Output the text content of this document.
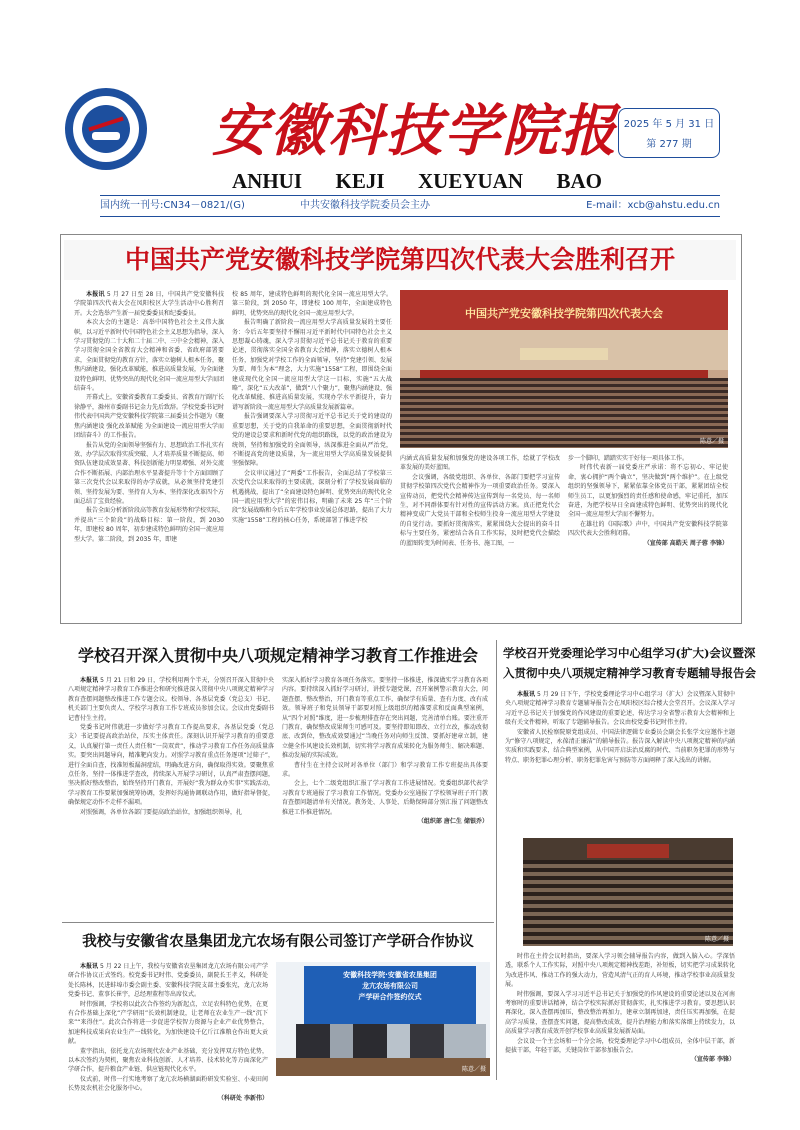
1950
安徽科技学院报
ANHUI KEJI XUEYUAN BAO
2025 年 5 月 31 日
第 277 期
国内统一刊号:CN34－0821/(G)	中共安徽科技学院委员会主办	E-mail：xcb@ahstu.edu.cn
中国共产党安徽科技学院第四次代表大会胜利召开

本报讯 5 月 27 日至 28 日，中国共产党安徽科技学院第四次代表大会在凤阳校区大学生活动中心胜利召开。大会选举产生新一届党委委员和纪委委员。

本次大会的主题是：高举中国特色社会主义伟大旗帜，以习近平新时代中国特色社会主义思想为指导，深入学习贯彻党的二十大和二十届二中、三中全会精神，深入学习贯彻全国全省教育大会精神和省委、省政府部署要求，全面贯彻党的教育方针，落实立德树人根本任务，聚焦内涵建设，强化改革赋能，推进高质量发展，为全面建设特色鲜明、优势突出的现代化全国一流应用型大学而团结奋斗。

开幕式上，安徽省委教育工委委员、省教育厅副厅长徐静平，滁州市委副书记金力先后致辞。学校党委书记时伟代表中国共产党安徽科技学院第三届委员会作题为《聚焦内涵建设 强化改革赋能 为全面建设一流应用型大学而团结奋斗》的工作报告。

报告从党的全面领导坚强有力、思想政治工作扎实有效、办学层次取得实质突破、人才培养质量不断提高、师资队伍建设成效显著、科技创新能力明显增强、对外交流合作不断拓展、内部治理水平显著提升等十个方面回顾了第三次党代会以来取得的办学成就，从必须坚持党建引领、坚持发展为要、坚持育人为本、坚持深化改革四个方面总结了宝贵经验。

报告全面分析新阶段高等教育发展形势和学校实际，并提出“三个阶段”的战略目标：第一阶段，到 2030 年，即建校 80 周年，初步建成特色鲜明的全国一流应用型大学。第二阶段，到 2035 年，即建

校 85 周年，建成特色鲜明的现代化全国一流应用型大学。第三阶段，到 2050 年，即建校 100 周年，全面建成特色鲜明、优势突出的现代化全国一流应用型大学。

报告明确了新阶段一流应用型大学高质量发展的主要任务：今后五年要坚持不懈用习近平新时代中国特色社会主义思想凝心铸魂，深入学习贯彻习近平总书记关于教育的重要论述，贯彻落实全国全省教育大会精神，落实立德树人根本任务，加强党对学校工作的全面领导，坚持“党建引领、发展为要、师生为本”理念，大力实施“1558”工程，即围绕全面建成现代化全国一流应用型大学这一目标，实施“五大战略”，深化“五大改革”，做到“八个聚力”，聚焦内涵建设、强化改革赋能、推进高质量发展，实现办学水平新提升，奋力谱写新阶段一流应用型大学高质量发展新篇章。

报告强调要深入学习贯彻习近平总书记关于党的建设的重要思想，关于党的自我革命的重要思想，全面贯彻新时代党的建设总要求和新时代党的组织路线，以党的政治建设为统领，坚持和加强党的全面领导，纵深推进全面从严治党，不断提高党的建设质量，为一流应用型大学高质量发展提供坚强保障。

会议审议通过了“两委”工作报告，全面总结了学校第三次党代会以来取得的主要成就，深刻分析了学校发展面临的机遇挑战，提出了“全面建设特色鲜明、优势突出的现代化全国一流应用型大学”的宏伟目标，明确了未来 25 年“三个阶段”发展战略和今后五年学校事业发展总体思路，提出了大力实施“1558”工程的核心任务，系统部署了推进学校

中国共产党安徽科技学院第四次代表大会
陈意／摄

内涵式高质量发展和加强党的建设各项工作，绘就了学校改革发展的美好蓝图。

会议强调，各级党组织、各单位、各部门要把学习宣传贯彻学校第四次党代会精神作为一项重要政治任务。要深入宣传动员，把党代会精神传达宣传到每一名党员、每一名师生，对不同群体要有针对性的宣传活动方案。真正把党代会精神变成广大党员干部和全校师生投身一流应用型大学建设的自觉行动。要抓好贯彻落实，紧紧围绕大会提出的奋斗目标与主要任务，紧密结合各自工作实际，及时把党代会描绘的蓝图转变为时间表、任务书、施工图，一

步一个脚印，踏踏实实干好每一项具体工作。

时伟代表新一届党委庄严承诺：将不忘初心、牢记使命，衷心拥护“两个确立”，坚决做到“两个维护”。在上级党组织的坚强领导下，紧紧依靠全体党员干部，紧紧团结全校师生员工，以更加强烈的责任感和使命感，牢记重托，加压奋进，为把学校早日全面建成特色鲜明、优势突出的现代化全国一流应用型大学而不懈努力。

在雄壮的《国际歌》声中，中国共产党安徽科技学院第四次代表大会胜利闭幕。

（宣传部 高皓天 周子蓉 李锋）
学校召开深入贯彻中央八项规定精神学习教育工作推进会

本报讯 5 月 21 日和 29 日，学校利用两个半天，分别召开深入贯彻中央八项规定精神学习教育工作推进会和研究推进深入贯彻中央八项规定精神学习教育查摆问题整改推进工作专题会议。校领导、各基层党委（党总支）书记、机关部门主要负责人、学校学习教育工作专班成员参加会议。会议由党委副书记曹付生主持。

党委书记时伟就进一步做好学习教育工作提出要求，各基层党委（党总支）书记要提高政治站位，压实主体责任。深刻认识开展学习教育的重要意义，认真履行第一责任人责任和“一岗双责”，推动学习教育工作任务高质量落实。要突出问题导向，精准靶向发力。对照学习教育重点任务逐项“过筛子”，进行全面自查，找准短板漏洞症结，明确改进方向，确保取得实效。要聚焦重点任务，坚持一体推进学查改，持续深入开展学习研讨，认真严肃查摆问题，坚决抓好整改整治，始终坚持开门教育，开展好“我为群众办实事”实践活动，学习教育工作要紧加强统筹协调，发挥好沟通协调联动作用，做好指导督促，确保规定动作不走样不漏项。

对照强调，各单位各部门要提高政治站位，加强组织领导，扎

实深入抓好学习教育各项任务落实。要坚持一体推进，推深做实学习教育各项内容。要持续深入抓好学习研讨，讲授专题党课，召开案例警示教育大会，问题查摆、整改整治，开门教育等重点工作，确保学有质量、查有力度、改有成效。领导班子和党员领导干部要对照上级组织的精准要求和反面典型案例，从“四个对照”维度，进一步梳理排查存在突出问题，完善清单台账。要注重开门教育，确保整改成果师生可感可及。要坚持即知即改、立行立改，推动改彻底、改到位，整改成效要通过“当晚任务对向师生反馈、要抓好建章立制，建立健全作风建设长效机制，切实将学习教育成果转化为服务师生、解决难题、推动发展的实际成效。

曹付生在主持会议时对各单位（部门）和学习教育工作专班提出具体要求。

会上，七个二级党组织汇报了学习教育工作进展情况。党委组织部代表学习教育专班通报了学习教育工作情况。党委办公室通报了学校领导班子开门教育查摆问题清单有关情况。教务处、人事处、后勤保障部分别汇报了问题整改推进工作推进情况。

（组织部 唐仁生 储银乔）
学校召开党委理论学习中心组学习(扩大)会议暨深
入贯彻中央八项规定精神学习教育专题辅导报告会

本报讯 5 月 29 日下午，学校党委理论学习中心组学习（扩大）会议暨深入贯彻中央八项规定精神学习教育专题辅导报告会在凤阳校区综合楼大会堂召开。会议深入学习习近平总书记关于加强党的作风建设的重要论述，传达学习全省警示教育大会精神和上级有关文件精神，听取了专题辅导报告。会议由校党委书记时伟主持。

安徽省人民检察院原党组成员、中国法律逻辑专业委员会副会长张学文应邀作主题为“修守八项规定，永葆清正廉洁”的辅导报告。报告深入解读中央八项规定精神的内涵实质和实践要求，结合典型案例，从中国开启法治反腐的时代、当前职务犯罪的形势与特点、职务犯罪心理分析、职务犯罪危害与预防等方面阐释了深入浅出的讲解。

陈意／摄

时伟在主持会议时指出，要深入学习领会辅导报告内容，做到入脑入心。学深悟透，联系个人工作实际，对照中央八项规定精神找差距，补短板，切实把学习成果转化为改进作风、推动工作的强大动力，营造风清气正的育人环境，推动学校事业高质量发展。

时伟强调，要深入学习习近平总书记关于加强党的作风建设的重要论述以及在河南考察时的重要讲话精神，结合学校实际抓好贯彻落实，扎实推进学习教育。要思想认识再深化，深入查摆再加压，整改整治再加力，建章立制再加速，责任压实再加强，在提高学习质量，查摆查实问题，提高整改成效，提升治理能力和落实落细上持续发力，以高质量学习教育成效开创学校事业高质量发展新局面。

会议设一个主会场和一个分会场，校党委理论学习中心组成员，全体中层干部，新提拔干部，年轻干部，关键岗位干部参加报告会。

（宣传部 李锋）
我校与安徽省农垦集团龙亢农场有限公司签订产学研合作协议

本报讯 5 月 22 日上午，我校与安徽省农垦集团龙亢农场有限公司产学研合作协议正式签约。校党委书记时伟、党委委员，副院长王孝义，科研处处长陈林，民进蚌埠市委会副主委、安徽科技学院支部主委张宪，龙亢农场党委书记、董事长崔宇，总经理董程等出席仪式。

时伟强调，学校将以此次合作签约为新起点，立足农科特色优势，在更有合作基础上深化“产学研用”长效机制建设，让老师在农业生产一线“沉下来”“来得住”。此次合作将进一步促进学校智力资源与企业产业优势整合，加速科技成果向农业生产一线转化，为加快建设千亿斤江淮粮仓作出更大贡献。

董宇指出，依托龙亢农场现代农业产业基础，充分发挥双方特色优势，以本次签约为契机，聚焦农业科技创新、人才培养、技术转化等方面深化产学研合作，提升粮食产业链、供应链现代化水平。

仪式前，时伟一行实地考察了龙亢农场横湖面粉研发实验室、小麦田间长势及农机社会化服务中心。

（科研处 李新伟）
安徽科技学院·安徽省农垦集团
龙亢农场有限公司
产学研合作签约仪式
陈意／摄
